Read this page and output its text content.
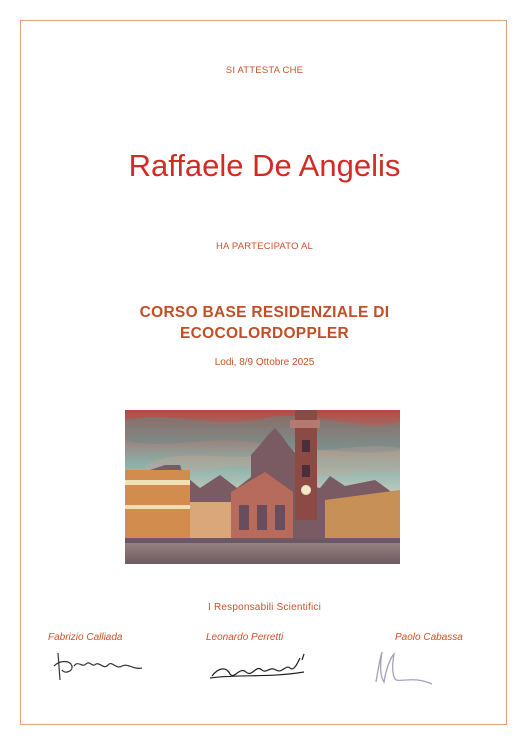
SI ATTESTA CHE
Raffaele De Angelis
HA PARTECIPATO AL
CORSO BASE RESIDENZIALE DI
ECOCOLORDOPPLER
Lodi, 8/9 Ottobre 2025
I Responsabili Scientifici
Fabrizio Calliada	Leonardo Perretti	Paolo Cabassa
